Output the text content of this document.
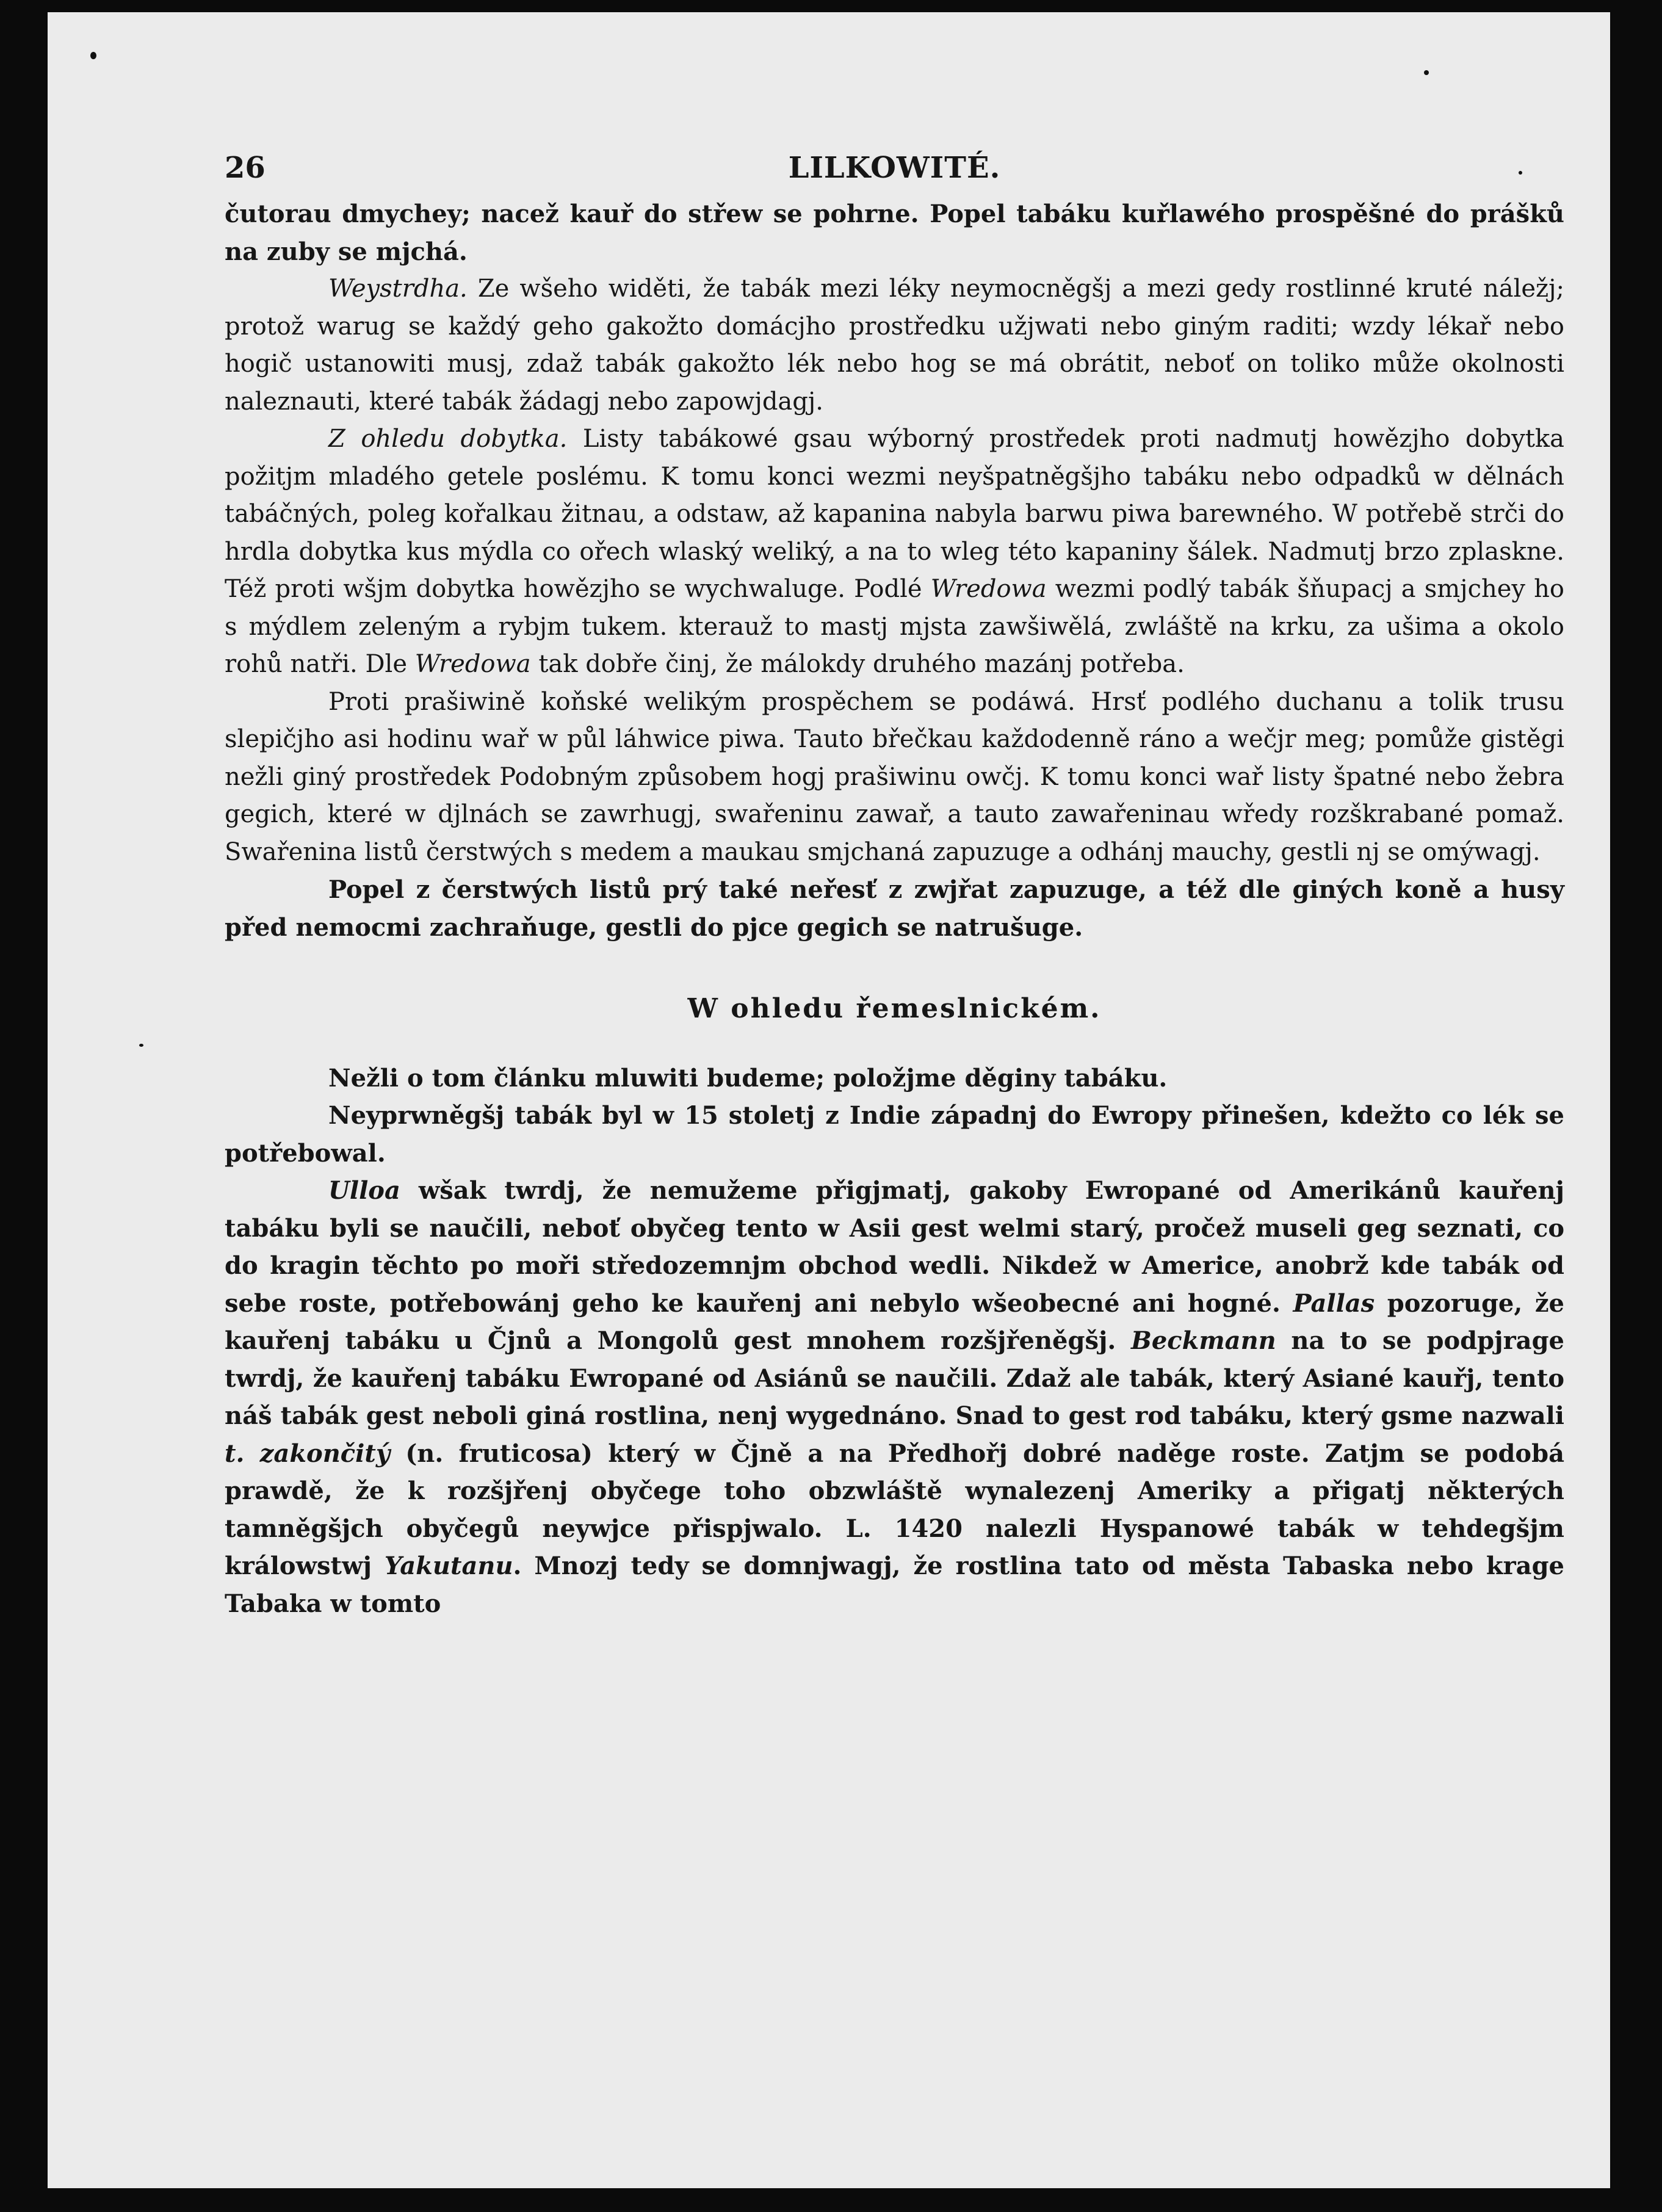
26	LILKOWITÉ.

čutorau dmychey; nacež kauř do střew se pohrne. Popel tabáku kuřlawého prospěšné do prášků na zuby se mjchá.

Weystrdha. Ze wšeho widěti, že tabák mezi léky neymocněgšj a mezi gedy rostlinné kruté náležj; protož warug se každý geho gakožto domácjho prostředku užjwati nebo giným raditi; wzdy lékař nebo hogič ustanowiti musj, zdaž tabák gakožto lék nebo hog se má obrátit, neboť on toliko může okolnosti naleznauti, které tabák žádagj nebo zapowjdagj.

Z ohledu dobytka. Listy tabákowé gsau wýborný prostředek proti nadmutj howězjho dobytka požitjm mladého getele poslému. K tomu konci wezmi neyšpatněgšjho tabáku nebo odpadků w dělnách tabáčných, poleg kořalkau žitnau, a odstaw, až kapanina nabyla barwu piwa barewného. W potřebě strči do hrdla dobytka kus mýdla co ořech wlaský weliký, a na to wleg této kapaniny šálek. Nadmutj brzo zplaskne. Též proti wšjm dobytka howězjho se wychwaluge. Podlé Wredowa wezmi podlý tabák šňupacj a smjchey ho s mýdlem zeleným a rybjm tukem. kterauž to mastj mjsta zawšiwělá, zwláště na krku, za ušima a okolo rohů natři. Dle Wredowa tak dobře činj, že málokdy druhého mazánj potřeba.

Proti prašiwině koňské welikým prospěchem se podáwá. Hrsť podlého duchanu a tolik trusu slepičjho asi hodinu wař w půl láhwice piwa. Tauto břečkau každodenně ráno a wečjr meg; pomůže gistěgi nežli giný prostředek Podobným způsobem hogj prašiwinu owčj. K tomu konci wař listy špatné nebo žebra gegich, které w djlnách se zawrhugj, swařeninu zawař, a tauto zawařeninau wředy rozškrabané pomaž. Swařenina listů čerstwých s medem a maukau smjchaná zapuzuge a odhánj mauchy, gestli nj se omýwagj.

Popel z čerstwých listů prý také neřesť z zwjřat zapuzuge, a též dle giných koně a husy před nemocmi zachraňuge, gestli do pjce gegich se natrušuge.

W ohledu řemeslnickém.

Nežli o tom článku mluwiti budeme; položjme děginy tabáku.

Neyprwněgšj tabák byl w 15 stoletj z Indie západnj do Ewropy přinešen, kdežto co lék se potřebowal.

Ulloa wšak twrdj, že nemužeme přigjmatj, gakoby Ewropané od Amerikánů kauřenj tabáku byli se naučili, neboť obyčeg tento w Asii gest welmi starý, pročež museli geg seznati, co do kragin těchto po moři středozemnjm obchod wedli. Nikdež w Americe, anobrž kde tabák od sebe roste, potřebowánj geho ke kauřenj ani nebylo wšeobecné ani hogné. Pallas pozoruge, že kauřenj tabáku u Čjnů a Mongolů gest mnohem rozšjřeněgšj. Beckmann na to se podpjrage twrdj, že kauřenj tabáku Ewropané od Asiánů se naučili. Zdaž ale tabák, který Asiané kauřj, tento náš tabák gest neboli giná rostlina, nenj wygednáno. Snad to gest rod tabáku, který gsme nazwali t. zakončitý (n. fruticosa) který w Čjně a na Předhořj dobré naděge roste. Zatjm se podobá prawdě, že k rozšjřenj obyčege toho obzwláště wynalezenj Ameriky a přigatj některých tamněgšjch obyčegů neywjce přispjwalo. L. 1420 nalezli Hyspanowé tabák w tehdegšjm králowstwj Yakutanu. Mnozj tedy se domnjwagj, že rostlina tato od města Tabaska nebo krage Tabaka w tomto
